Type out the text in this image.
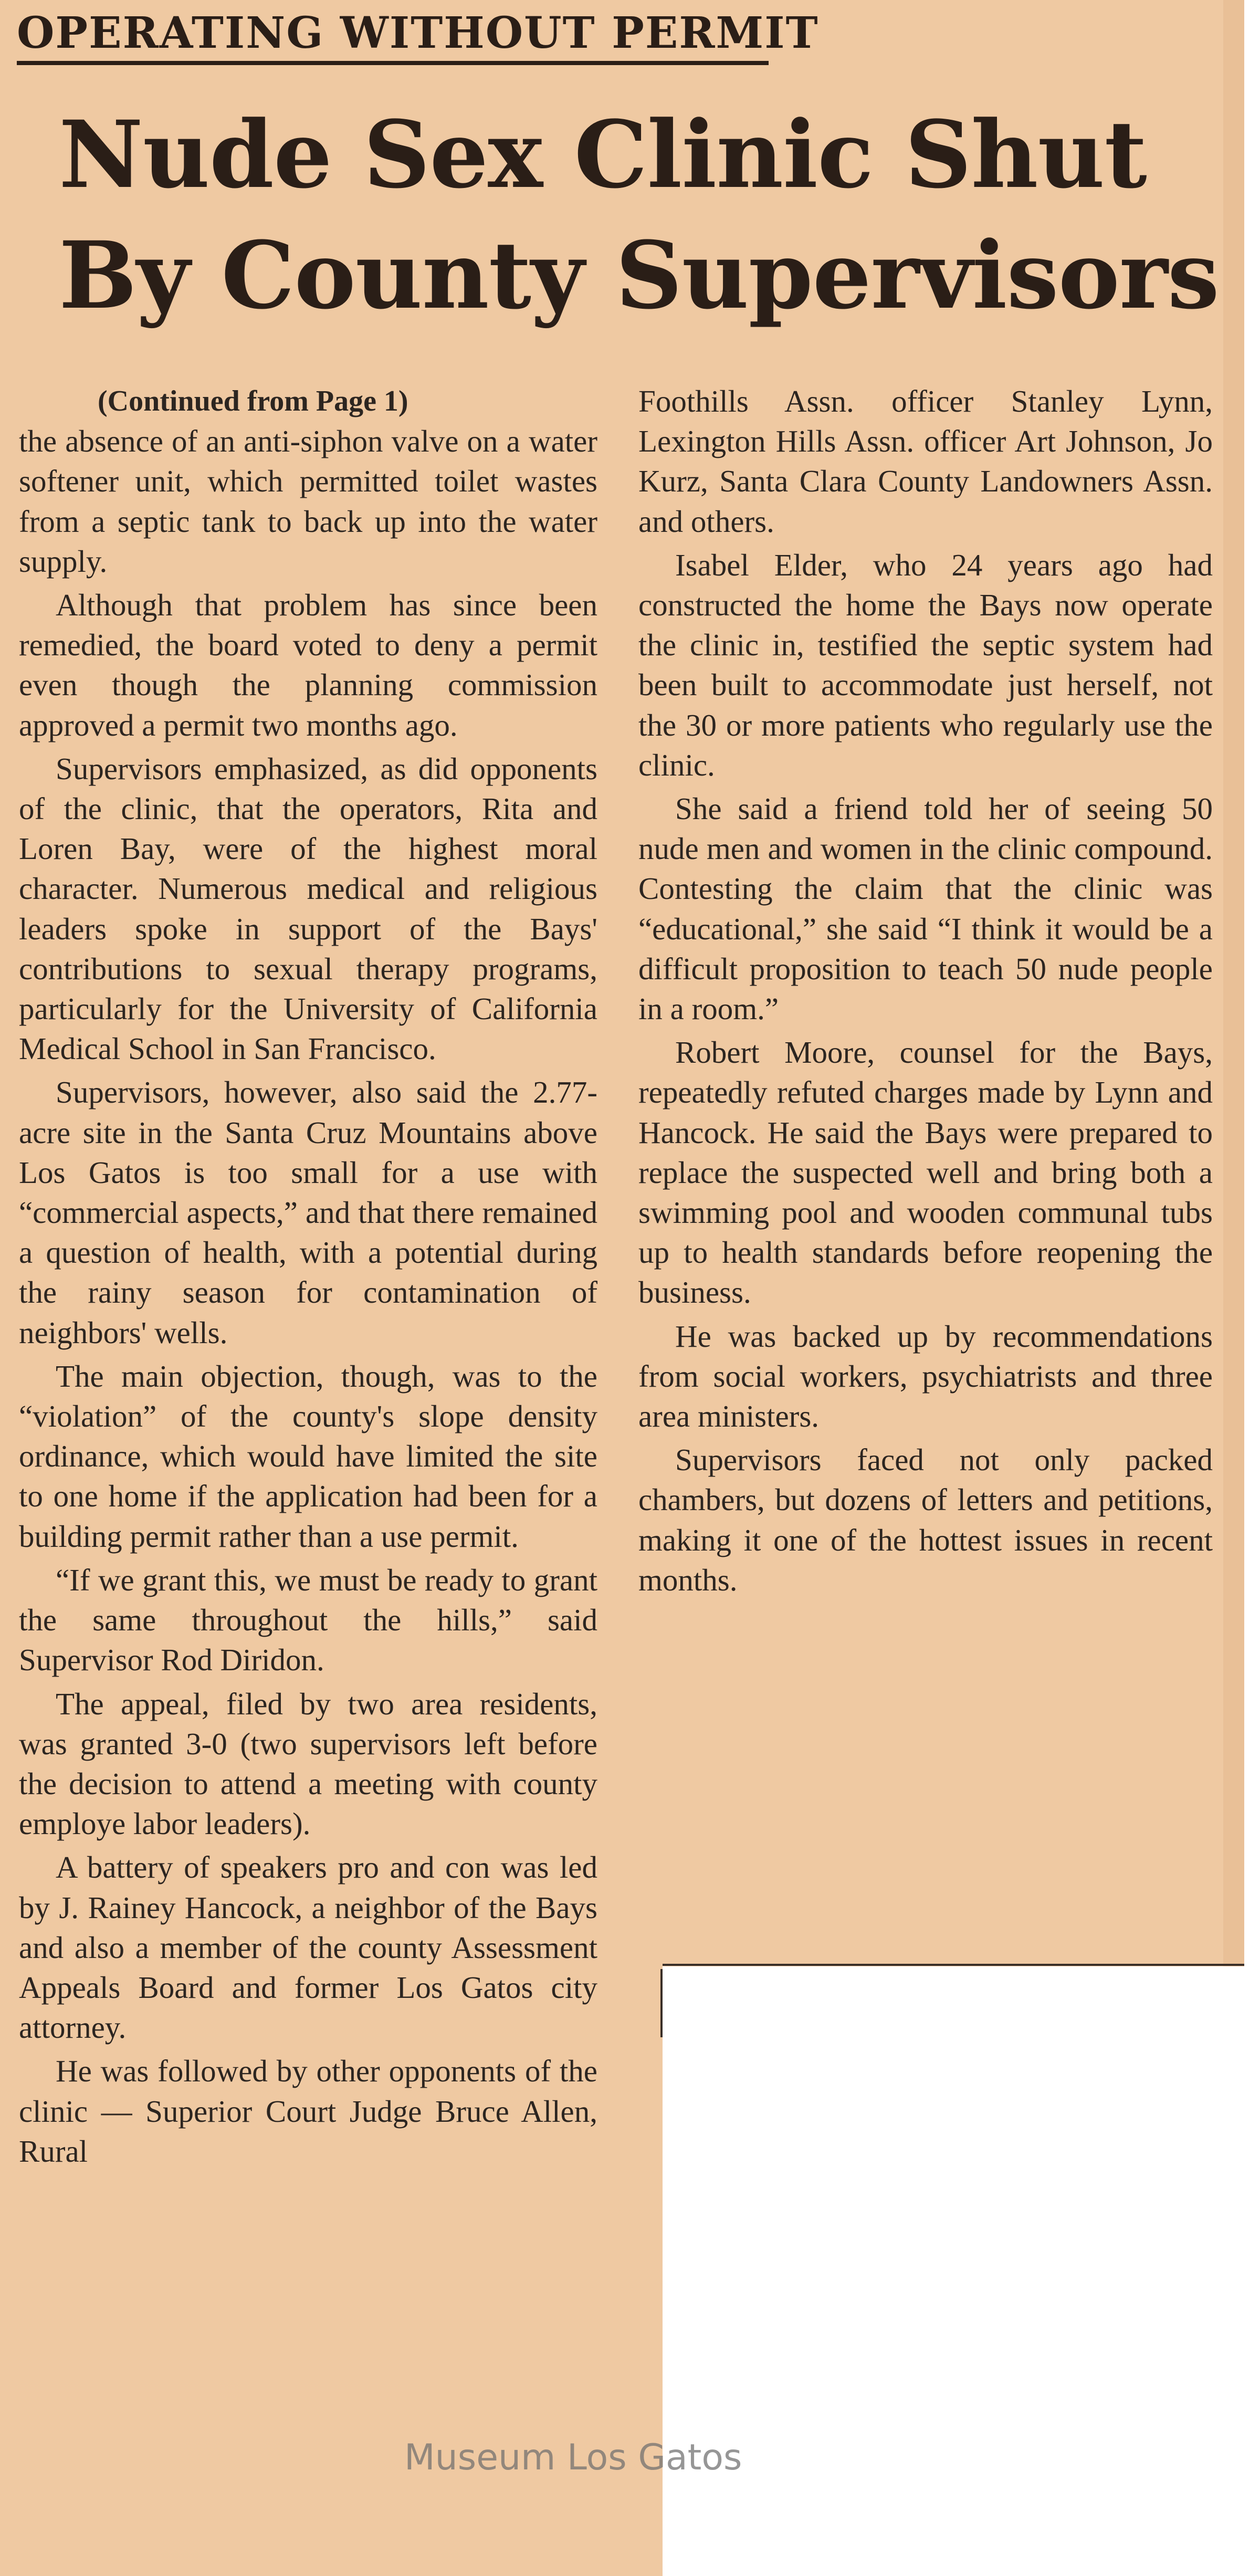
OPERATING WITHOUT PERMIT
Nude Sex Clinic Shut
By County Supervisors
(Continued from Page 1)

the absence of an anti-siphon valve on a water softener unit, which permitted toilet wastes from a septic tank to back up into the water supply.

Although that problem has since been remedied, the board voted to deny a permit even though the planning commission approved a permit two months ago.

Supervisors emphasized, as did opponents of the clinic, that the operators, Rita and Loren Bay, were of the highest moral character. Numerous medical and religious leaders spoke in support of the Bays' contributions to sexual therapy programs, particularly for the University of California Medical School in San Francisco.

Supervisors, however, also said the 2.77-acre site in the Santa Cruz Mountains above Los Gatos is too small for a use with “commercial aspects,” and that there remained a question of health, with a potential during the rainy season for contamination of neighbors' wells.

The main objection, though, was to the “violation” of the county's slope density ordinance, which would have limited the site to one home if the application had been for a building permit rather than a use permit.

“If we grant this, we must be ready to grant the same throughout the hills,” said Supervisor Rod Diridon.

The appeal, filed by two area residents, was granted 3-0 (two supervisors left before the decision to attend a meeting with county employe labor leaders).

A battery of speakers pro and con was led by J. Rainey Hancock, a neighbor of the Bays and also a member of the county Assessment Appeals Board and former Los Gatos city attorney.

He was followed by other opponents of the clinic — Superior Court Judge Bruce Allen, Rural

Foothills Assn. officer Stanley Lynn, Lexington Hills Assn. officer Art Johnson, Jo Kurz, Santa Clara County Landowners Assn. and others.

Isabel Elder, who 24 years ago had constructed the home the Bays now operate the clinic in, testified the septic system had been built to accommodate just herself, not the 30 or more patients who regularly use the clinic.

She said a friend told her of seeing 50 nude men and women in the clinic compound. Contesting the claim that the clinic was “educational,” she said “I think it would be a difficult proposition to teach 50 nude people in a room.”

Robert Moore, counsel for the Bays, repeatedly refuted charges made by Lynn and Hancock. He said the Bays were prepared to replace the suspected well and bring both a swimming pool and wooden communal tubs up to health standards before reopening the business.

He was backed up by recommendations from social workers, psychiatrists and three area ministers.

Supervisors faced not only packed chambers, but dozens of letters and petitions, making it one of the hottest issues in recent months.

Museum Los Gatos
